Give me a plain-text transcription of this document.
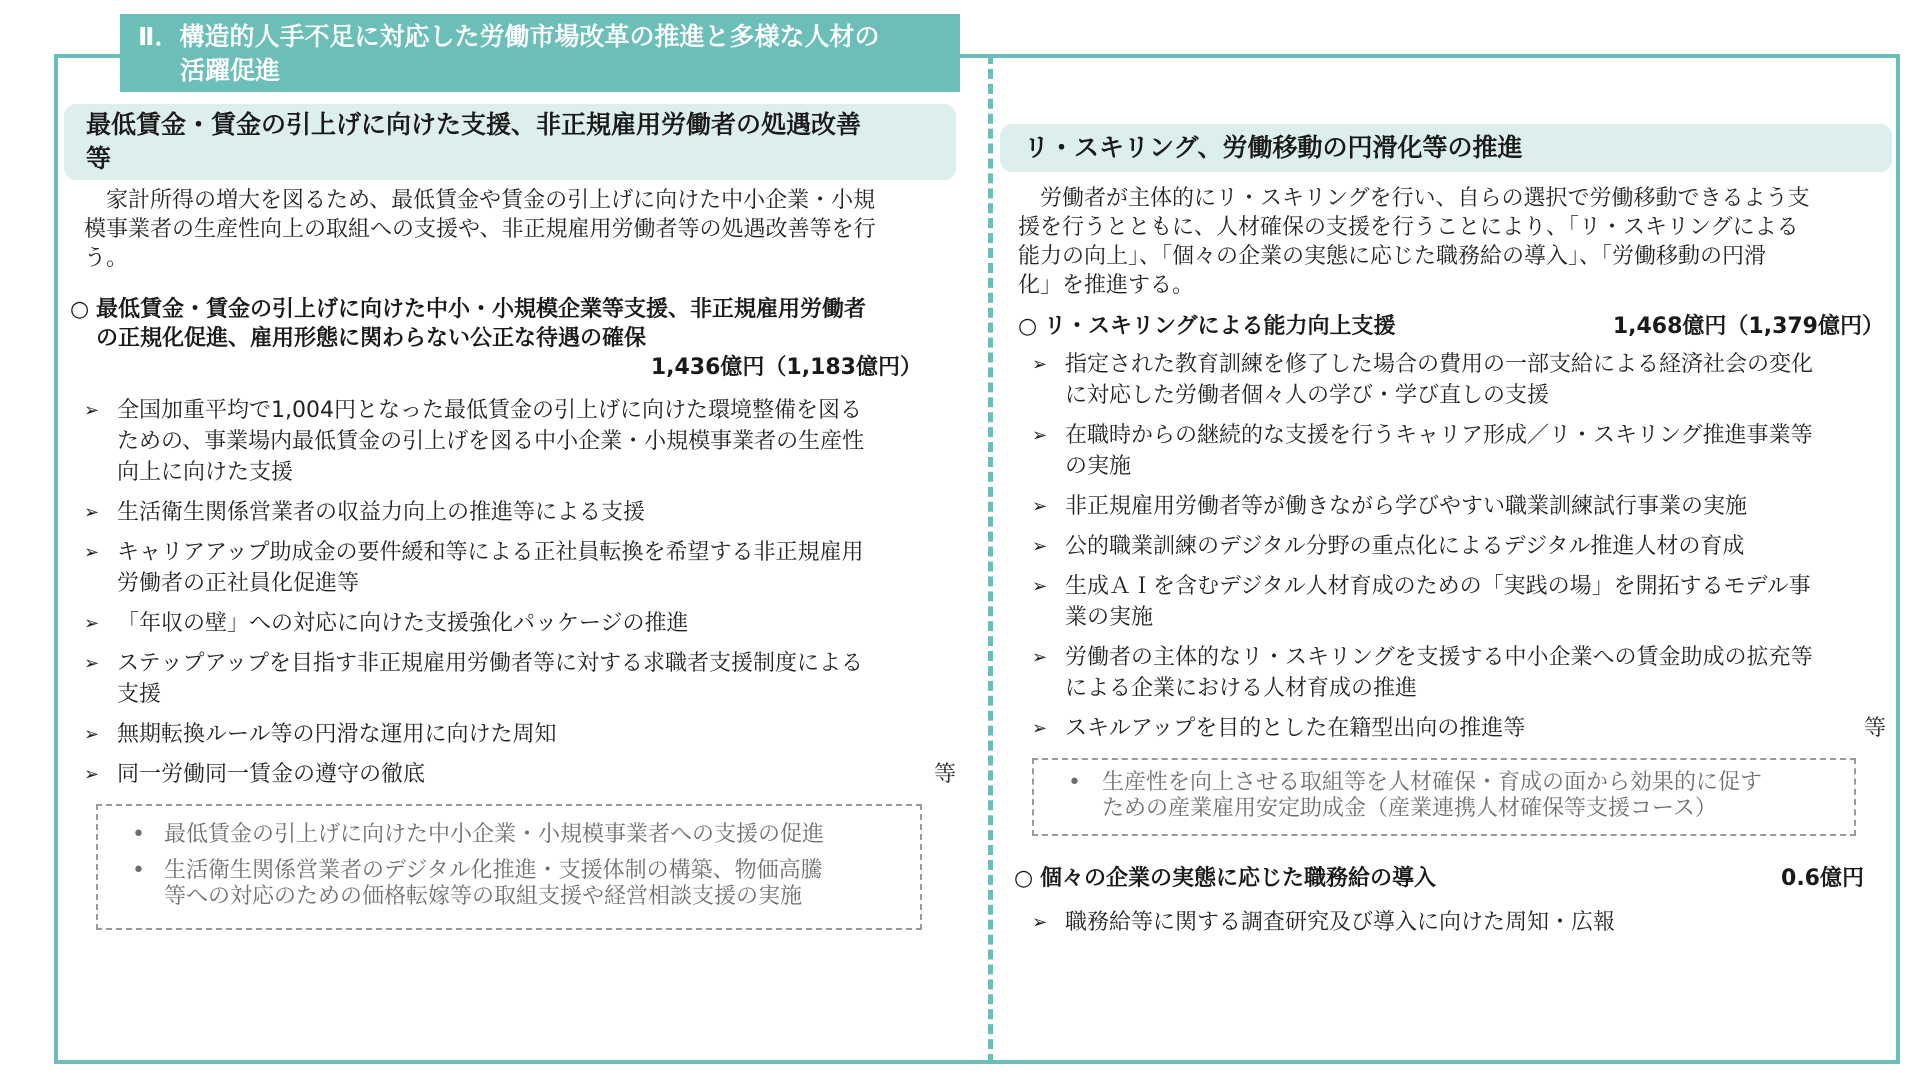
Ⅱ．構造的人手不足に対応した労働市場改革の推進と多様な人材の
活躍促進
最低賃金・賃金の引上げに向けた支援、非正規雇用労働者の処遇改善
等

家計所得の増大を図るため、最低賃金や賃金の引上げに向けた中小企業・小規
模事業者の生産性向上の取組への支援や、非正規雇用労働者等の処遇改善等を行
う。

○ 最低賃金・賃金の引上げに向けた中小・小規模企業等支援、非正規雇用労働者
の正規化促進、雇用形態に関わらない公正な待遇の確保
1,436億円（1,183億円）
➢ 全国加重平均で1,004円となった最低賃金の引上げに向けた環境整備を図る
ための、事業場内最低賃金の引上げを図る中小企業・小規模事業者の生産性
向上に向けた支援
➢ 生活衛生関係営業者の収益力向上の推進等による支援
➢ キャリアアップ助成金の要件緩和等による正社員転換を希望する非正規雇用
労働者の正社員化促進等
➢ 「年収の壁」への対応に向けた支援強化パッケージの推進
➢ ステップアップを目指す非正規雇用労働者等に対する求職者支援制度による
支援
➢ 無期転換ルール等の円滑な運用に向けた周知
➢ 同一労働同一賃金の遵守の徹底	等
• 最低賃金の引上げに向けた中小企業・小規模事業者への支援の促進
• 生活衛生関係営業者のデジタル化推進・支援体制の構築、物価高騰
等への対応のための価格転嫁等の取組支援や経営相談支援の実施
リ・スキリング、労働移動の円滑化等の推進

労働者が主体的にリ・スキリングを行い、自らの選択で労働移動できるよう支
援を行うとともに、人材確保の支援を行うことにより、「リ・スキリングによる
能力の向上」、「個々の企業の実態に応じた職務給の導入」、「労働移動の円滑
化」を推進する。

○ リ・スキリングによる能力向上支援	1,468億円（1,379億円）
➢ 指定された教育訓練を修了した場合の費用の一部支給による経済社会の変化
に対応した労働者個々人の学び・学び直しの支援
➢ 在職時からの継続的な支援を行うキャリア形成／リ・スキリング推進事業等
の実施
➢ 非正規雇用労働者等が働きながら学びやすい職業訓練試行事業の実施
➢ 公的職業訓練のデジタル分野の重点化によるデジタル推進人材の育成
➢ 生成ＡＩを含むデジタル人材育成のための「実践の場」を開拓するモデル事
業の実施
➢ 労働者の主体的なリ・スキリングを支援する中小企業への賃金助成の拡充等
による企業における人材育成の推進
➢ スキルアップを目的とした在籍型出向の推進等	等
• 生産性を向上させる取組等を人材確保・育成の面から効果的に促す
ための産業雇用安定助成金（産業連携人材確保等支援コース）
○ 個々の企業の実態に応じた職務給の導入	0.6億円
➢ 職務給等に関する調査研究及び導入に向けた周知・広報
